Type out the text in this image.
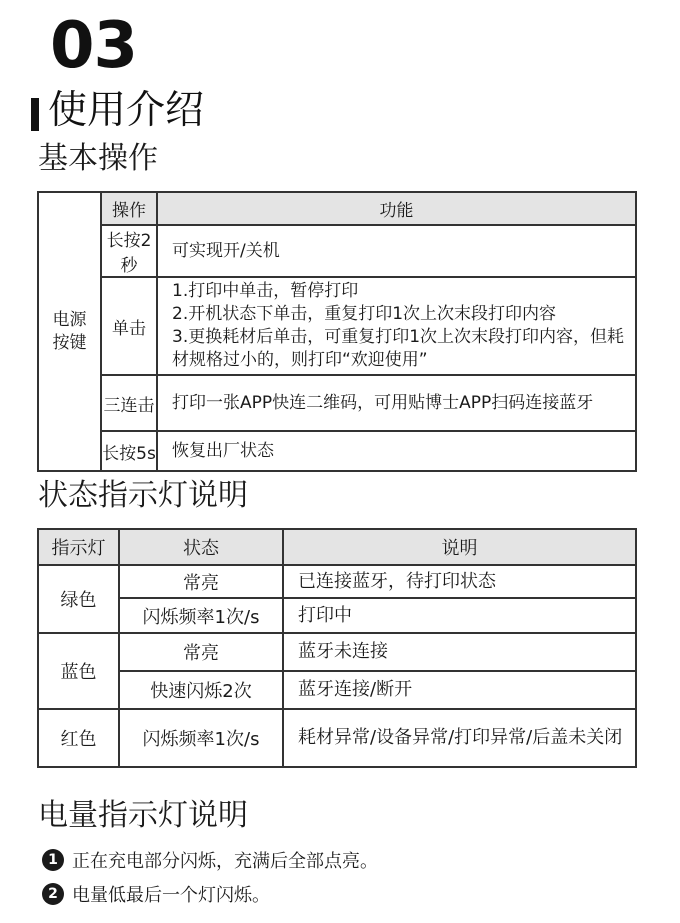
03
使用介绍
基本操作
电源
按键	操作	功能
	长按2秒	可实现开/关机
	单击	1.打印中单击，暂停打印
2.开机状态下单击，重复打印1次上次末段打印内容
3.更换耗材后单击，可重复打印1次上次末段打印内容，但耗材规格过小的，则打印“欢迎使用”
	三连击	打印一张APP快连二维码，可用贴博士APP扫码连接蓝牙
	长按5s	恢复出厂状态
状态指示灯说明
指示灯	状态	说明
绿色	常亮	已连接蓝牙，待打印状态
	闪烁频率1次/s	打印中
蓝色	常亮	蓝牙未连接
	快速闪烁2次	蓝牙连接/断开
红色	闪烁频率1次/s	耗材异常/设备异常/打印异常/后盖未关闭
电量指示灯说明
1 正在充电部分闪烁，充满后全部点亮。
2 电量低最后一个灯闪烁。
